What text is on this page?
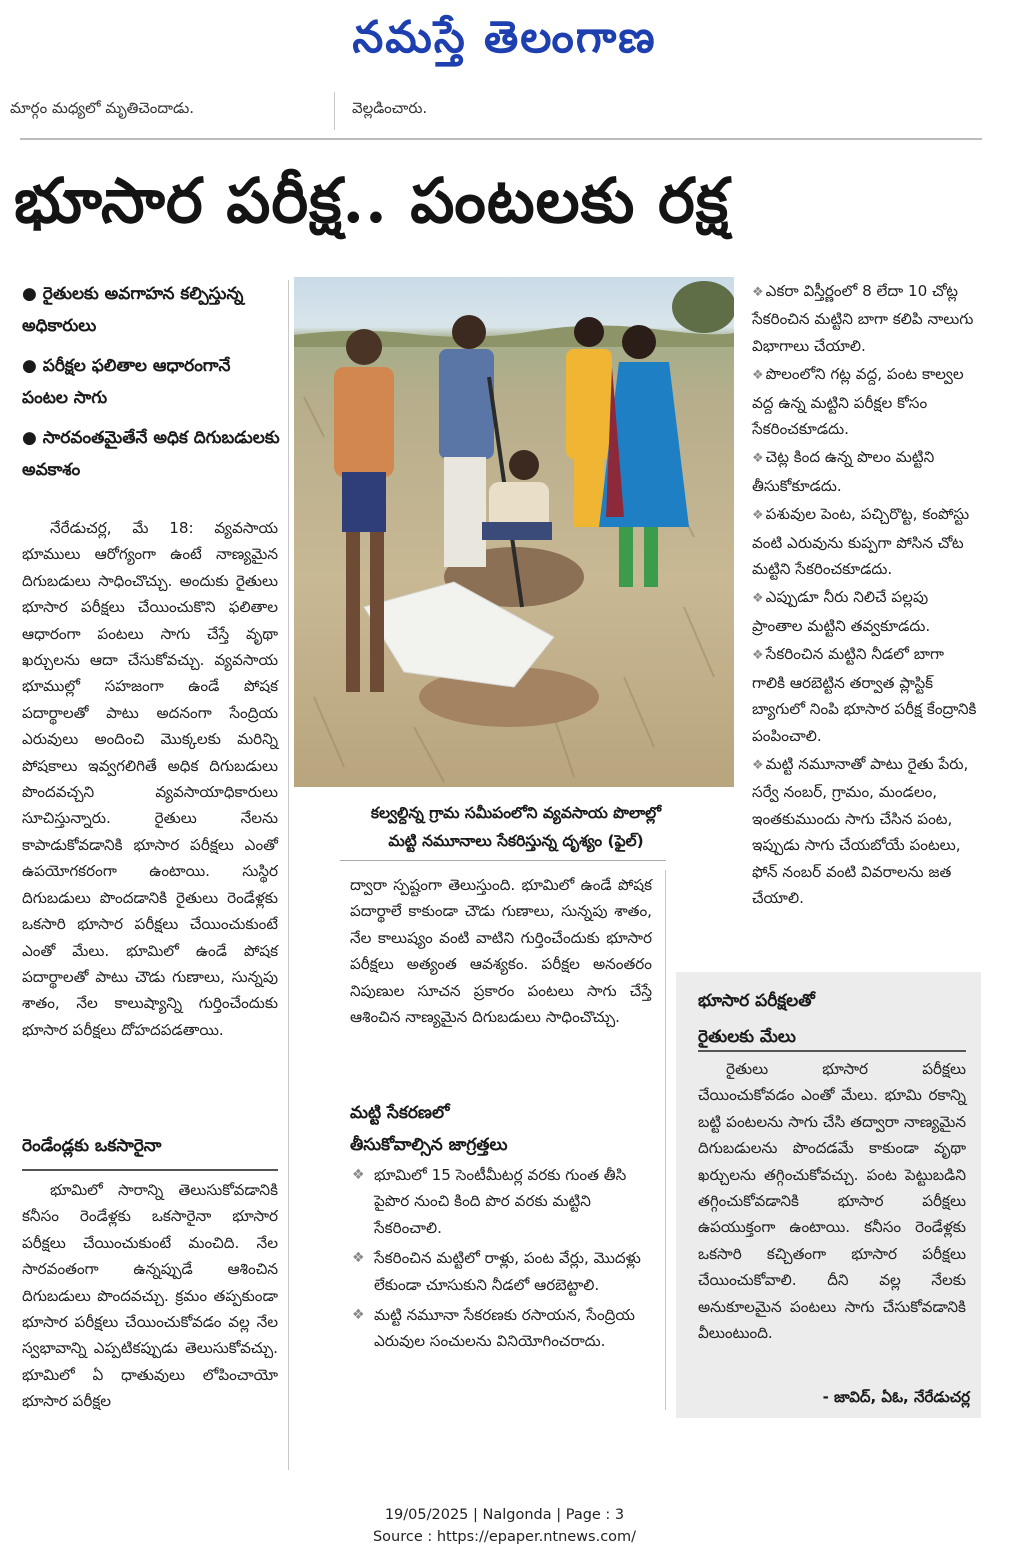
నమస్తే తెలంగాణ
మార్గం మధ్యలో మృతిచెందాడు.	వెల్లడించారు.
భూసార పరీక్ష.. పంటలకు రక్ష
● రైతులకు అవగాహన కల్పిస్తున్న అధికారులు
● పరీక్షల ఫలితాల ఆధారంగానే పంటల సాగు
● సారవంతమైతేనే అధిక దిగుబడులకు అవకాశం

నేరేడుచర్ల, మే 18: వ్యవసాయ భూములు ఆరోగ్యంగా ఉంటే నాణ్యమైన దిగుబడులు సాధించొచ్చు. అందుకు రైతులు భూసార పరీక్షలు చేయించుకొని ఫలితాల ఆధారంగా పంటలు సాగు చేస్తే వృథా ఖర్చులను ఆదా చేసుకోవచ్చు. వ్యవసాయ భూముల్లో సహజంగా ఉండే పోషక పదార్థాలతో పాటు అదనంగా సేంద్రియ ఎరువులు అందించి మొక్కలకు మరిన్ని పోషకాలు ఇవ్వగలిగితే అధిక దిగుబడులు పొందవచ్చని వ్యవసాయాధికారులు సూచిస్తున్నారు. రైతులు నేలను కాపాడుకోవడానికి భూసార పరీక్షలు ఎంతో ఉపయోగకరంగా ఉంటాయి. సుస్థిర దిగుబడులు పొందడానికి రైతులు రెండేళ్లకు ఒకసారి భూసార పరీక్షలు చేయించుకుంటే ఎంతో మేలు. భూమిలో ఉండే పోషక పదార్థాలతో పాటు చౌడు గుణాలు, సున్నపు శాతం, నేల కాలుష్యాన్ని గుర్తించేందుకు భూసార పరీక్షలు దోహదపడతాయి.

రెండేండ్లకు ఒకసారైనా

భూమిలో సారాన్ని తెలుసుకోవడానికి కనీసం రెండేళ్లకు ఒకసారైనా భూసార పరీక్షలు చేయించుకుంటే మంచిది. నేల సారవంతంగా ఉన్నప్పుడే ఆశించిన దిగుబడులు పొందవచ్చు. క్రమం తప్పకుండా భూసార పరీక్షలు చేయించుకోవడం వల్ల నేల స్వభావాన్ని ఎప్పటికప్పుడు తెలుసుకోవచ్చు. భూమిలో ఏ ధాతువులు లోపించాయో భూసార పరీక్షల

కల్వల్దిన్న గ్రామ సమీపంలోని వ్యవసాయ పొలాల్లో
మట్టి నమూనాలు సేకరిస్తున్న దృశ్యం (ఫైల్)

ద్వారా స్పష్టంగా తెలుస్తుంది. భూమిలో ఉండే పోషక పదార్థాలే కాకుండా చౌడు గుణాలు, సున్నపు శాతం, నేల కాలుష్యం వంటి వాటిని గుర్తించేందుకు భూసార పరీక్షలు అత్యంత ఆవశ్యకం. పరీక్షల అనంతరం నిపుణుల సూచన ప్రకారం పంటలు సాగు చేస్తే ఆశించిన నాణ్యమైన దిగుబడులు సాధించొచ్చు.

మట్టి సేకరణలో
తీసుకోవాల్సిన జాగ్రత్తలు
❖ భూమిలో 15 సెంటీమీటర్ల వరకు గుంత తీసి పైపొర నుంచి కింది పొర వరకు మట్టిని సేకరించాలి.
❖ సేకరించిన మట్టిలో రాళ్లు, పంట వేర్లు, మొదళ్లు లేకుండా చూసుకుని నీడలో ఆరబెట్టాలి.
❖ మట్టి నమూనా సేకరణకు రసాయన, సేంద్రియ ఎరువుల సంచులను వినియోగించరాదు.
❖ ఎకరా విస్తీర్ణంలో 8 లేదా 10 చోట్ల సేకరించిన మట్టిని బాగా కలిపి నాలుగు విభాగాలు చేయాలి.
❖ పొలంలోని గట్ల వద్ద, పంట కాల్వల వద్ద ఉన్న మట్టిని పరీక్షల కోసం సేకరించకూడదు.
❖ చెట్ల కింద ఉన్న పొలం మట్టిని తీసుకోకూడదు.
❖ పశువుల పెంట, పచ్చిరొట్ట, కంపోస్టు వంటి ఎరువును కుప్పగా పోసిన చోట మట్టిని సేకరించకూడదు.
❖ ఎప్పుడూ నీరు నిలిచే పల్లపు ప్రాంతాల మట్టిని తవ్వకూడదు.
❖ సేకరించిన మట్టిని నీడలో బాగా గాలికి ఆరబెట్టిన తర్వాత ప్లాస్టిక్ బ్యాగులో నింపి భూసార పరీక్ష కేంద్రానికి పంపించాలి.
❖ మట్టి నమూనాతో పాటు రైతు పేరు, సర్వే నంబర్, గ్రామం, మండలం, ఇంతకుముందు సాగు చేసిన పంట, ఇప్పుడు సాగు చేయబోయే పంటలు, ఫోన్ నంబర్ వంటి వివరాలను జత చేయాలి.
భూసార పరీక్షలతో
రైతులకు మేలు

రైతులు భూసార పరీక్షలు చేయించుకోవడం ఎంతో మేలు. భూమి రకాన్ని బట్టి పంటలను సాగు చేసి తద్వారా నాణ్యమైన దిగుబడులను పొందడమే కాకుండా వృథా ఖర్చులను తగ్గించుకోవచ్చు. పంట పెట్టుబడిని తగ్గించుకోవడానికి భూసార పరీక్షలు ఉపయుక్తంగా ఉంటాయి. కనీసం రెండేళ్లకు ఒకసారి కచ్చితంగా భూసార పరీక్షలు చేయించుకోవాలి. దీని వల్ల నేలకు అనుకూలమైన పంటలు సాగు చేసుకోవడానికి వీలుంటుంది.

- జావిద్, ఏఓ, నేరేడుచర్ల
19/05/2025 | Nalgonda | Page : 3
Source : https://epaper.ntnews.com/
